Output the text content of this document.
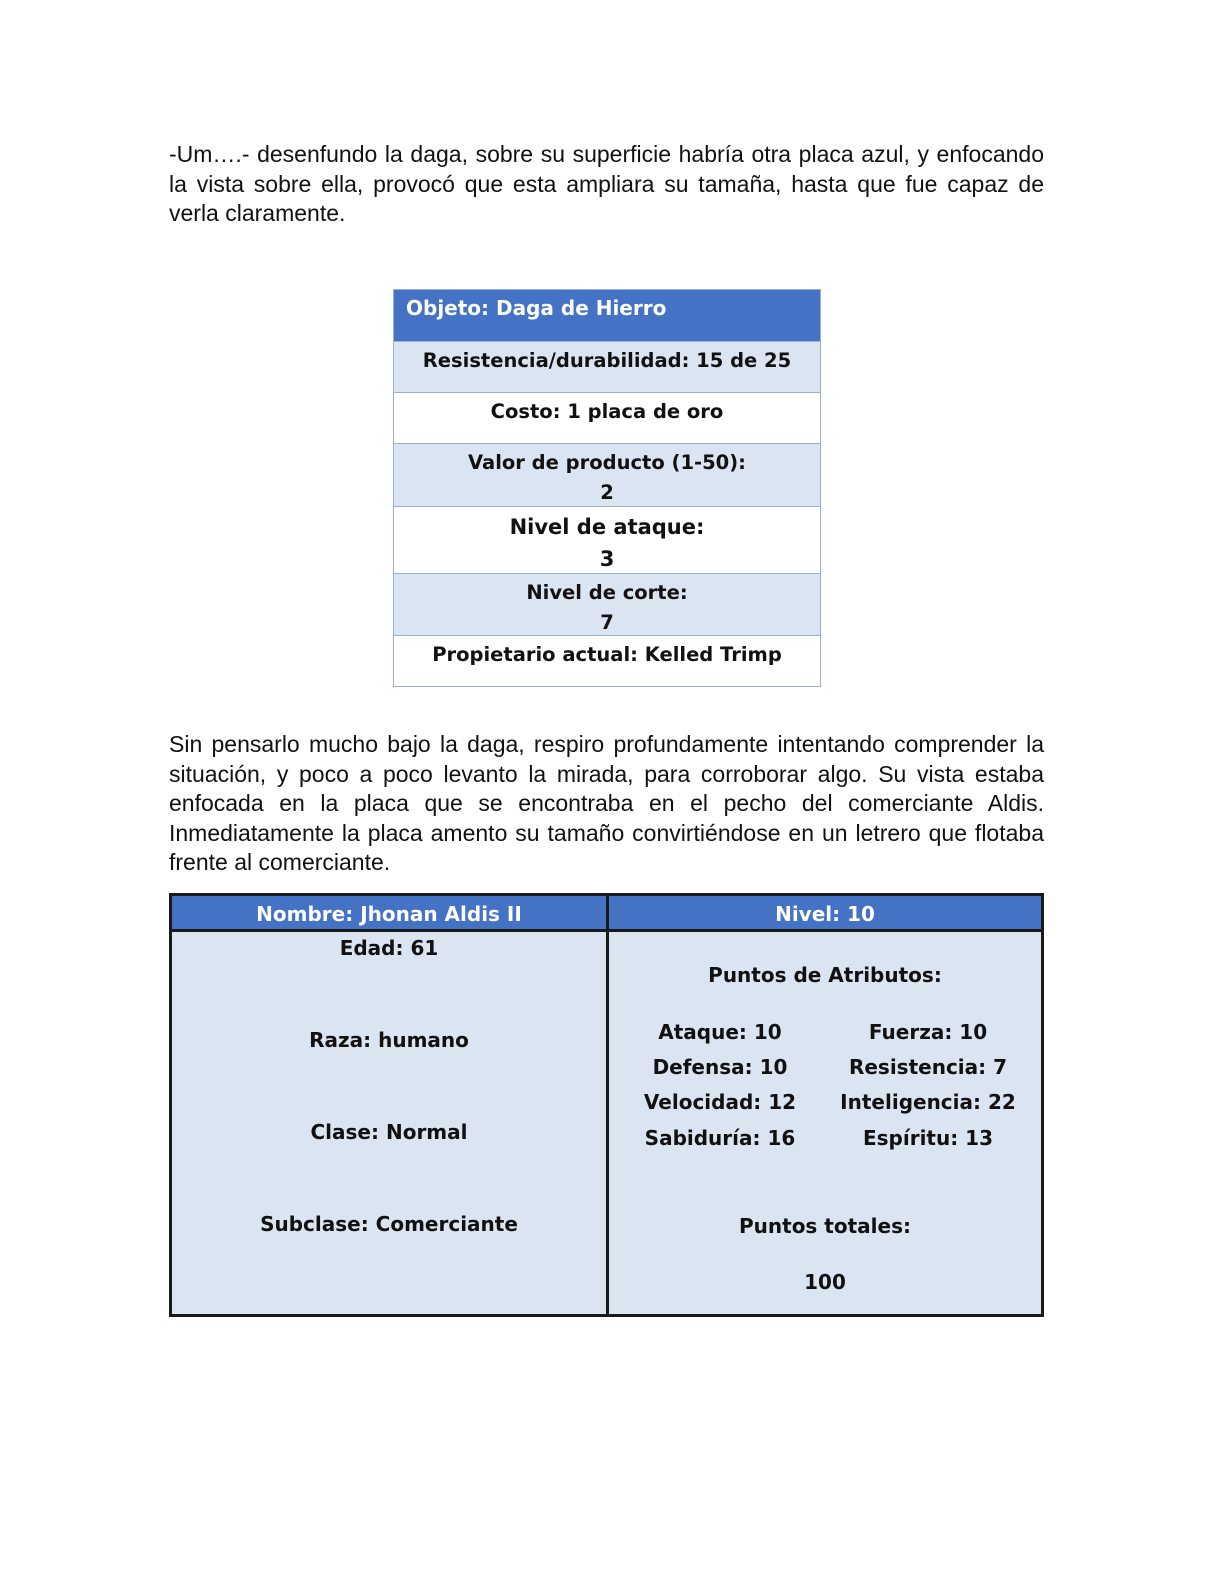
-Um….- desenfundo la daga, sobre su superficie habría otra placa azul, y enfocando la vista sobre ella, provocó que esta ampliara su tamaña, hasta que fue capaz de verla claramente.

Objeto: Daga de Hierro
Resistencia/durabilidad: 15 de 25
Costo: 1 placa de oro
Valor de producto (1-50):
2
Nivel de ataque:
3
Nivel de corte:
7
Propietario actual: Kelled Trimp

Sin pensarlo mucho bajo la daga, respiro profundamente intentando comprender la situación, y poco a poco levanto la mirada, para corroborar algo. Su vista estaba enfocada en la placa que se encontraba en el pecho del comerciante Aldis. Inmediatamente la placa amento su tamaño convirtiéndose en un letrero que flotaba frente al comerciante.

Nombre: Jhonan Aldis II	Nivel: 10
Edad: 61
Raza: humano
Clase: Normal
Subclase: Comerciante
Puntos de Atributos:
Ataque: 10	Fuerza: 10
Defensa: 10	Resistencia: 7
Velocidad: 12	Inteligencia: 22
Sabiduría: 16	Espíritu: 13
Puntos totales:
100
